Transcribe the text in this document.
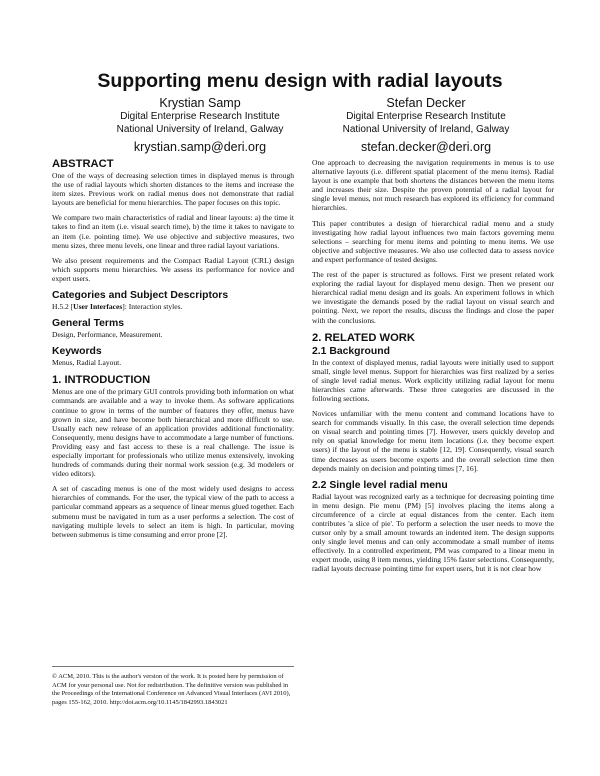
Supporting menu design with radial layouts
Krystian Samp
Digital Enterprise Research Institute
National University of Ireland, Galway
krystian.samp@deri.org
Stefan Decker
Digital Enterprise Research Institute
National University of Ireland, Galway
stefan.decker@deri.org
ABSTRACT

One of the ways of decreasing selection times in displayed menus is through the use of radial layouts which shorten distances to the items and increase the item sizes. Previous work on radial menus does not demonstrate that radial layouts are beneficial for menu hierarchies. The paper focuses on this topic.

We compare two main characteristics of radial and linear layouts: a) the time it takes to find an item (i.e. visual search time), b) the time it takes to navigate to an item (i.e. pointing time). We use objective and subjective measures, two menu sizes, three menu levels, one linear and three radial layout variations.

We also present requirements and the Compact Radial Layout (CRL) design which supports menu hierarchies. We assess its performance for novice and expert users.

Categories and Subject Descriptors

H.5.2 [User Interfaces]: Interaction styles.

General Terms

Design, Performance, Measurement.

Keywords

Menus, Radial Layout.

1. INTRODUCTION

Menus are one of the primary GUI controls providing both information on what commands are available and a way to invoke them. As software applications continue to grow in terms of the number of features they offer, menus have grown in size, and have become both hierarchical and more difficult to use. Usually each new release of an application provides additional functionality. Consequently, menu designs have to accommodate a large number of functions. Providing easy and fast access to these is a real challenge. The issue is especially important for professionals who utilize menus extensively, invoking hundreds of commands during their normal work session (e.g. 3d modelers or video editors).

A set of cascading menus is one of the most widely used designs to access hierarchies of commands. For the user, the typical view of the path to access a particular command appears as a sequence of linear menus glued together. Each submenu must be navigated in turn as a user performs a selection. The cost of navigating multiple levels to select an item is high. In particular, moving between submenus is time consuming and error prone [2].

© ACM, 2010. This is the author's version of the work. It is posted here by permission of ACM for your personal use. Not for redistribution. The definitive version was published in the Proceedings of the International Conference on Advanced Visual Interfaces (AVI 2010), pages 155-162, 2010. http://doi.acm.org/10.1145/1842993.1843021

One approach to decreasing the navigation requirements in menus is to use alternative layouts (i.e. different spatial placement of the menu items). Radial layout is one example that both shortens the distances between the menu items and increases their size. Despite the proven potential of a radial layout for single level menus, not much research has explored its efficiency for command hierarchies.

This paper contributes a design of hierarchical radial menu and a study investigating how radial layout influences two main factors governing menu selections – searching for menu items and pointing to menu items. We use objective and subjective measures. We also use collected data to assess novice and expert performance of tested designs.

The rest of the paper is structured as follows. First we present related work exploring the radial layout for displayed menu design. Then we present our hierarchical radial menu design and its goals. An experiment follows in which we investigate the demands posed by the radial layout on visual search and pointing. Next, we report the results, discuss the findings and close the paper with the conclusions.

2. RELATED WORK
2.1 Background

In the context of displayed menus, radial layouts were initially used to support small, single level menus. Support for hierarchies was first realized by a series of single level radial menus. Work explicitly utilizing radial layout for menu hierarchies came afterwards. These three categories are discussed in the following sections.

Novices unfamiliar with the menu content and command locations have to search for commands visually. In this case, the overall selection time depends on visual search and pointing times [7]. However, users quickly develop and rely on spatial knowledge for menu item locations (i.e. they become expert users) if the layout of the menu is stable [12, 19]. Consequently, visual search time decreases as users become experts and the overall selection time then depends mainly on decision and pointing times [7, 16].

2.2 Single level radial menu

Radial layout was recognized early as a technique for decreasing pointing time in menu design. Pie menu (PM) [5] involves placing the items along a circumference of a circle at equal distances from the center. Each item contributes 'a slice of pie'. To perform a selection the user needs to move the cursor only by a small amount towards an indented item. The design supports only single level menus and can only accommodate a small number of items effectively. In a controlled experiment, PM was compared to a linear menu in expert mode, using 8 item menus, yielding 15% faster selections. Consequently, radial layouts decrease pointing time for expert users, but it is not clear how
